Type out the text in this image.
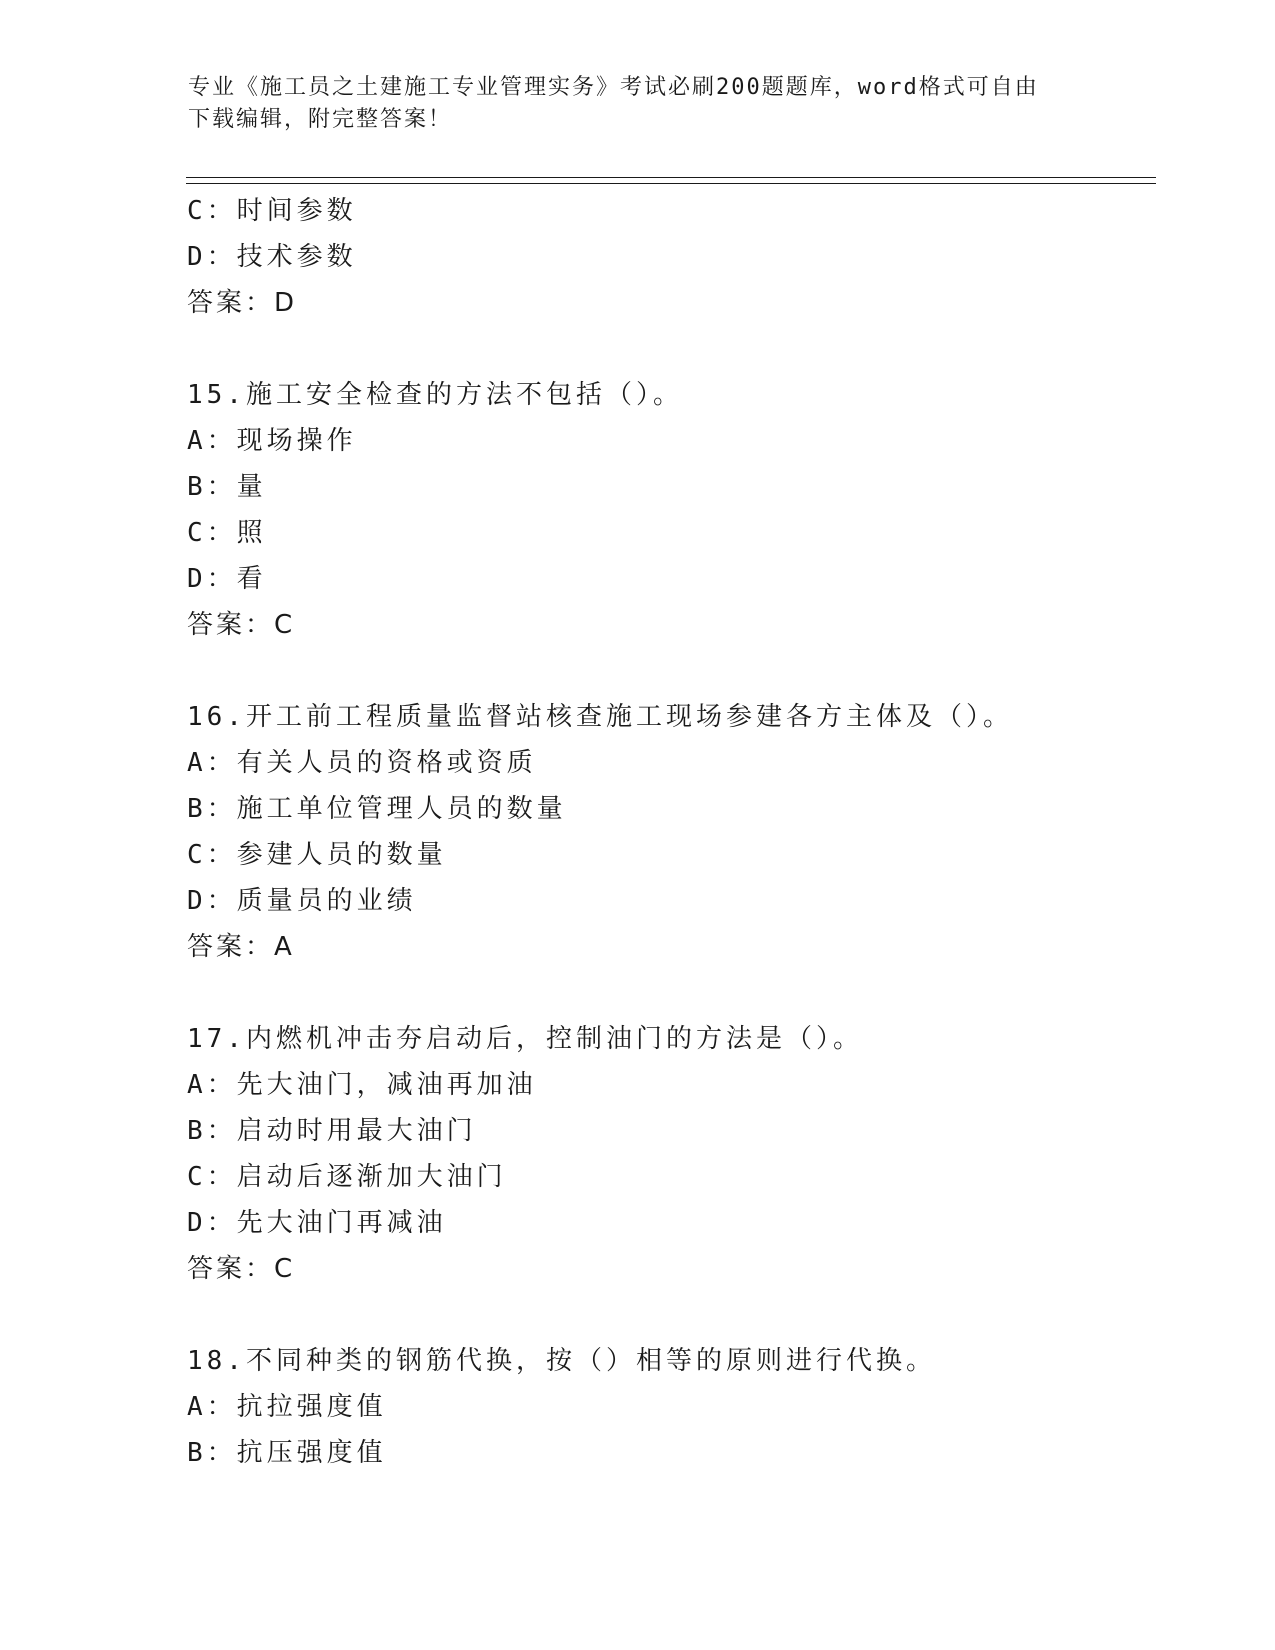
专业《施工员之土建施工专业管理实务》考试必刷200题题库，word格式可自由
下载编辑，附完整答案！
C：时间参数
D：技术参数
答案：D
15.施工安全检查的方法不包括（）。
A：现场操作
B：量
C：照
D：看
答案：C
16.开工前工程质量监督站核查施工现场参建各方主体及（）。
A：有关人员的资格或资质
B：施工单位管理人员的数量
C：参建人员的数量
D：质量员的业绩
答案：A
17.内燃机冲击夯启动后，控制油门的方法是（）。
A：先大油门，减油再加油
B：启动时用最大油门
C：启动后逐渐加大油门
D：先大油门再减油
答案：C
18.不同种类的钢筋代换，按（）相等的原则进行代换。
A：抗拉强度值
B：抗压强度值
